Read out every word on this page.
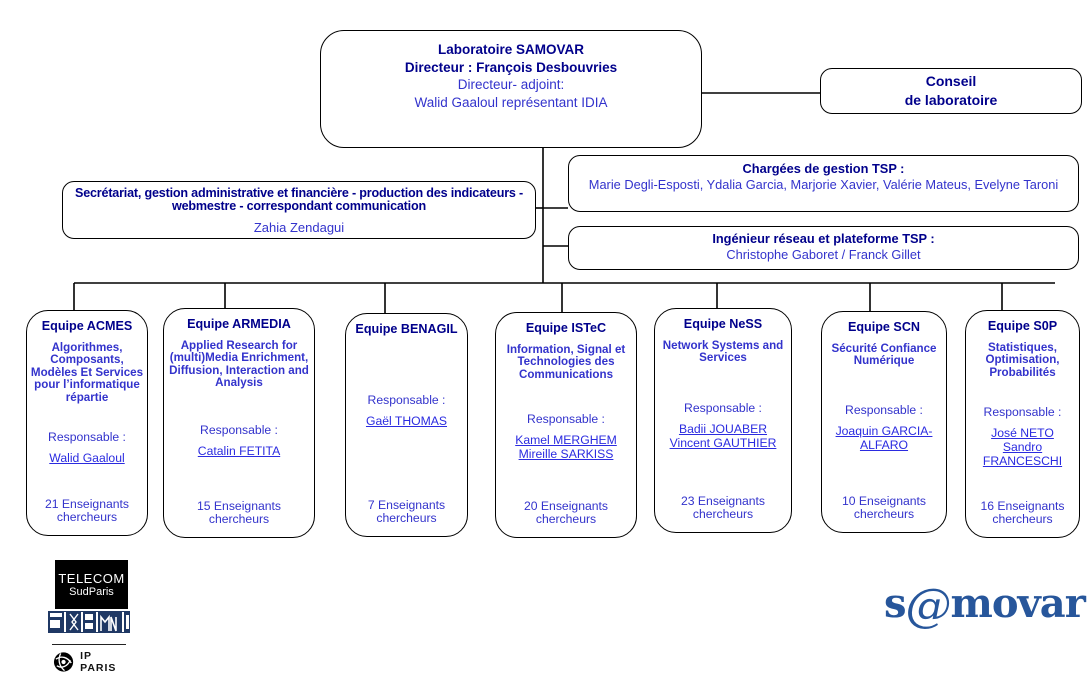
Laboratoire SAMOVAR
Directeur : François Desbouvries
Directeur- adjoint:
Walid Gaaloul représentant IDIA
Conseil
de laboratoire
Chargées de gestion TSP :
Marie Degli-Esposti, Ydalia Garcia, Marjorie Xavier, Valérie Mateus, Evelyne Taroni
Ingénieur réseau et plateforme TSP :
Christophe Gaboret / Franck Gillet
Secrétariat, gestion administrative et financière - production des indicateurs - webmestre - correspondant communication
Zahia Zendagui
Equipe ACMES
Algorithmes, Composants, Modèles Et Services pour l’informatique répartie
Responsable :
Walid Gaaloul
21 Enseignants chercheurs
Equipe ARMEDIA
Applied Research for (multi)Media Enrichment, Diffusion, Interaction and Analysis
Responsable :
Catalin FETITA
15 Enseignants chercheurs
Equipe BENAGIL
Responsable :
Gaël THOMAS
7 Enseignants chercheurs
Equipe ISTeC
Information, Signal et Technologies des Communications
Responsable :
Kamel MERGHEM
Mireille SARKISS
20 Enseignants chercheurs
Equipe NeSS
Network Systems and Services
Responsable :
Badii JOUABER
Vincent GAUTHIER
23 Enseignants chercheurs
Equipe SCN
Sécurité Confiance Numérique
Responsable :
Joaquin GARCIA-ALFARO
10 Enseignants chercheurs
Equipe S0P
Statistiques, Optimisation, Probabilités
Responsable :
José NETO
Sandro FRANCESCHI
16 Enseignants chercheurs
TELECOM
SudParis
IP PARIS
s@movar
